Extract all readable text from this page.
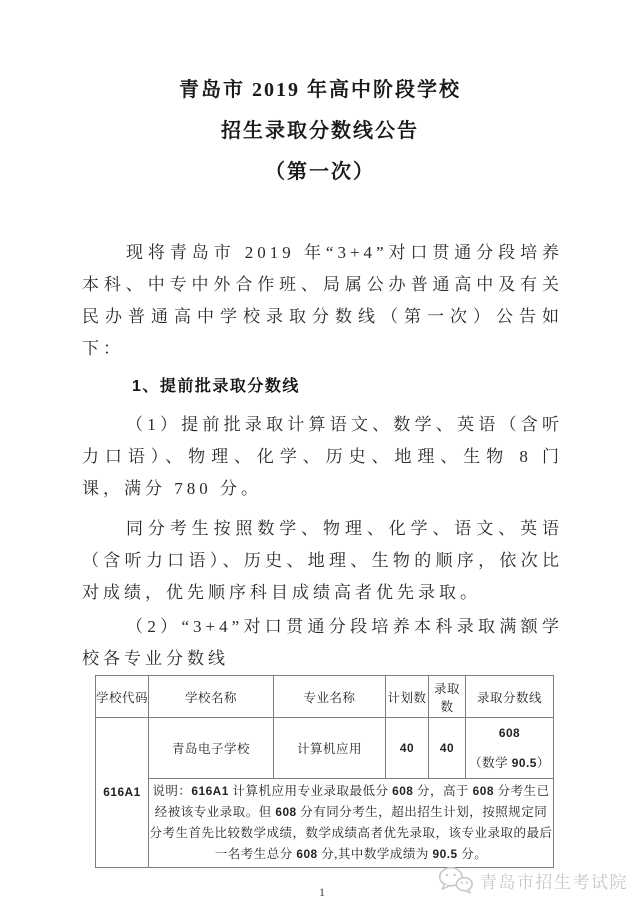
青岛市 2019 年高中阶段学校
招生录取分数线公告
（第一次）

现将青岛市 2019 年“3+4”对口贯通分段培养本科、中专中外合作班、局属公办普通高中及有关民办普通高中学校录取分数线（第一次）公告如下：

1、提前批录取分数线

（1）提前批录取计算语文、数学、英语（含听力口语）、物理、化学、历史、地理、生物 8 门课，满分 780 分。

同分考生按照数学、物理、化学、语文、英语（含听力口语）、历史、地理、生物的顺序，依次比对成绩，优先顺序科目成绩高者优先录取。

（2）“3+4”对口贯通分段培养本科录取满额学校各专业分数线

学校代码	学校名称	专业名称	计划数	录取数	录取分数线
616A1	青岛电子学校	计算机应用	40	40	608
（数学 90.5）

	说明：616A1 计算机应用专业录取最低分 608 分，高于 608 分考生已经被该专业录取。但 608 分有同分考生，超出招生计划，按照规定同分考生首先比较数学成绩，数学成绩高者优先录取，该专业录取的最后一名考生总分 608 分,其中数学成绩为 90.5 分。				
1
青岛市招生考试院
